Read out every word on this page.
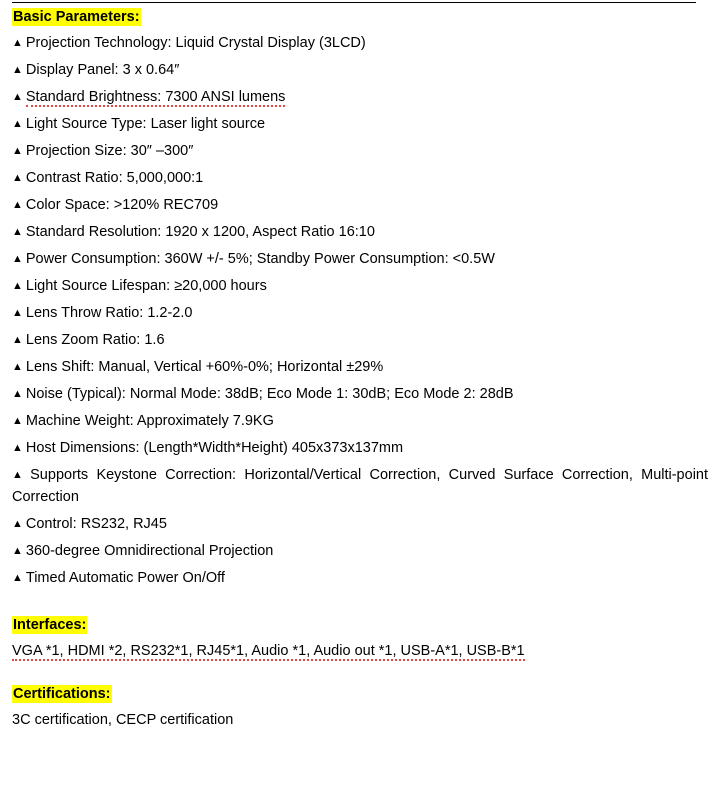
Basic Parameters:

▲ Projection Technology: Liquid Crystal Display (3LCD)

▲ Display Panel: 3 x 0.64″

▲ Standard Brightness: 7300 ANSI lumens

▲ Light Source Type: Laser light source

▲ Projection Size: 30″ –300″

▲ Contrast Ratio: 5,000,000:1

▲ Color Space: >120% REC709

▲ Standard Resolution: 1920 x 1200, Aspect Ratio 16:10

▲ Power Consumption: 360W +/- 5%; Standby Power Consumption: <0.5W

▲ Light Source Lifespan: ≥20,000 hours

▲ Lens Throw Ratio: 1.2-2.0

▲ Lens Zoom Ratio: 1.6

▲ Lens Shift: Manual, Vertical +60%-0%; Horizontal ±29%

▲ Noise (Typical): Normal Mode: 38dB; Eco Mode 1: 30dB; Eco Mode 2: 28dB

▲ Machine Weight: Approximately 7.9KG

▲ Host Dimensions: (Length*Width*Height) 405x373x137mm

▲ Supports Keystone Correction: Horizontal/Vertical Correction, Curved Surface Correction, Multi-point Correction

▲ Control: RS232, RJ45

▲ 360-degree Omnidirectional Projection

▲ Timed Automatic Power On/Off

Interfaces:

VGA *1, HDMI *2, RS232*1, RJ45*1, Audio *1, Audio out *1, USB-A*1, USB-B*1

Certifications:

3C certification, CECP certification
